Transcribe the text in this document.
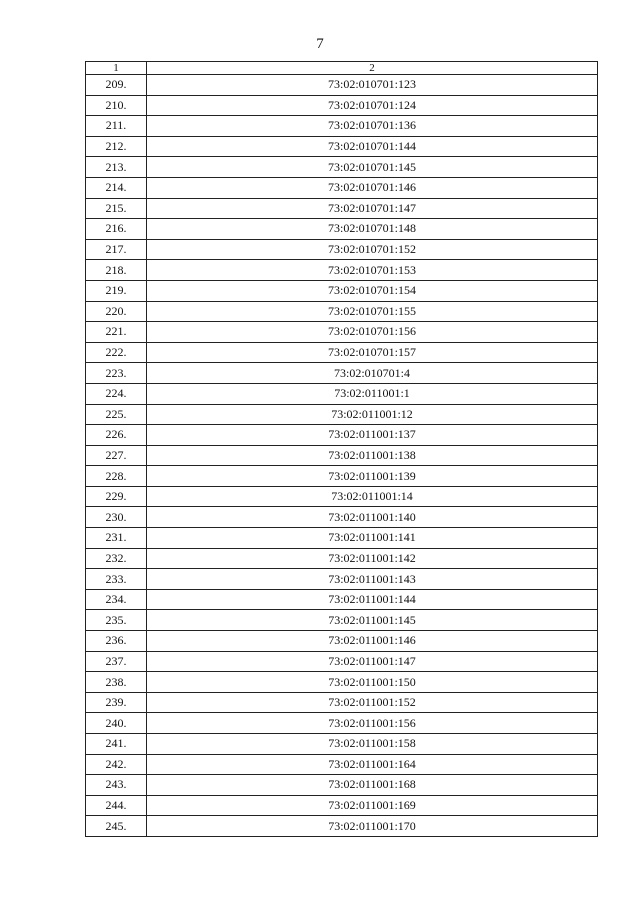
7
1	2
209.	73:02:010701:123
210.	73:02:010701:124
211.	73:02:010701:136
212.	73:02:010701:144
213.	73:02:010701:145
214.	73:02:010701:146
215.	73:02:010701:147
216.	73:02:010701:148
217.	73:02:010701:152
218.	73:02:010701:153
219.	73:02:010701:154
220.	73:02:010701:155
221.	73:02:010701:156
222.	73:02:010701:157
223.	73:02:010701:4
224.	73:02:011001:1
225.	73:02:011001:12
226.	73:02:011001:137
227.	73:02:011001:138
228.	73:02:011001:139
229.	73:02:011001:14
230.	73:02:011001:140
231.	73:02:011001:141
232.	73:02:011001:142
233.	73:02:011001:143
234.	73:02:011001:144
235.	73:02:011001:145
236.	73:02:011001:146
237.	73:02:011001:147
238.	73:02:011001:150
239.	73:02:011001:152
240.	73:02:011001:156
241.	73:02:011001:158
242.	73:02:011001:164
243.	73:02:011001:168
244.	73:02:011001:169
245.	73:02:011001:170
